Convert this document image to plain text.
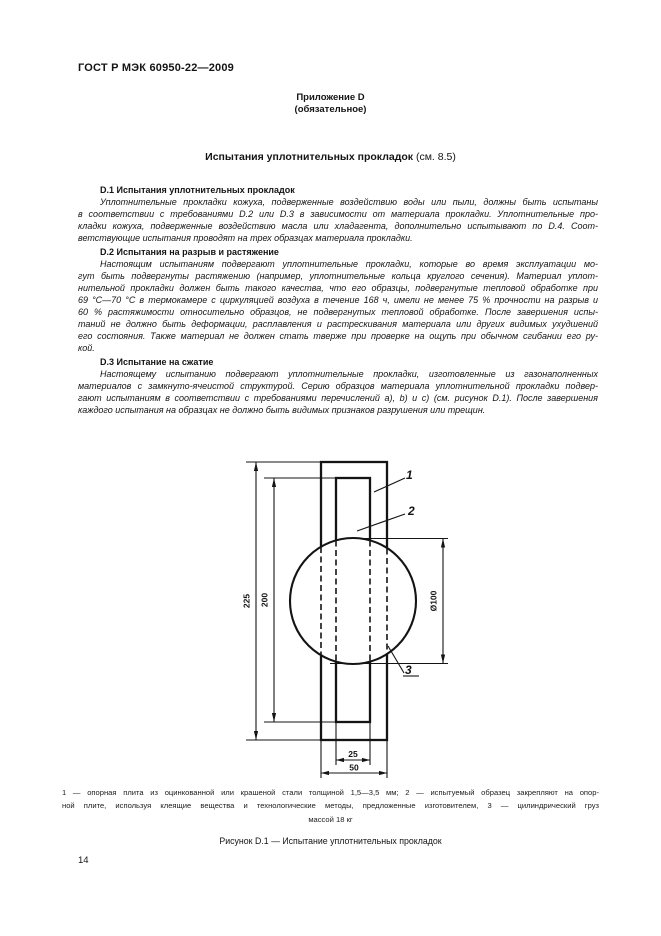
ГОСТ Р МЭК 60950-22—2009
Приложение D
(обязательное)
Испытания уплотнительных прокладок (см. 8.5)
D.1 Испытания уплотнительных прокладок
Уплотнительные прокладки кожуха, подверженные воздействию воды или пыли, должны быть испытаны
в соответствии с требованиями D.2 или D.3 в зависимости от материала прокладки. Уплотнительные про-
кладки кожуха, подверженные воздействию масла или хладагента, дополнительно испытывают по D.4. Соот-
ветствующие испытания проводят на трех образцах материала прокладки.
D.2 Испытания на разрыв и растяжение
Настоящим испытаниям подвергают уплотнительные прокладки, которые во время эксплуатации мо-
гут быть подвергнуты растяжению (например, уплотнительные кольца круглого сечения). Материал уплот-
нительной прокладки должен быть такого качества, что его образцы, подвергнутые тепловой обработке при
69 °С—70 °С в термокамере с циркуляцией воздуха в течение 168 ч, имели не менее 75 % прочности на разрыв и
60 % растяжимости относительно образцов, не подвергнутых тепловой обработке. После завершения испы-
таний не должно быть деформации, расплавления и растрескивания материала или других видимых ухудшений
его состояния. Также материал не должен стать тверже при проверке на ощупь при обычном сгибании его ру-
кой.
D.3 Испытание на сжатие
Настоящему испытанию подвергают уплотнительные прокладки, изготовленные из газонаполненных
материалов с замкнуто-ячеистой структурой. Серию образцов материала уплотнительной прокладки подвер-
гают испытаниям в соответствии с требованиями перечислений a), b) и c) (см. рисунок D.1). После завершения
каждого испытания на образцах не должно быть видимых признаков разрушения или трещин.
225 200	Ø100
25
50
1
2
3
1 — опорная плита из оцинкованной или крашеной стали толщиной 1,5—3,5 мм; 2 — испытуемый образец закрепляют на опор-
ной плите, используя клеящие вещества и технологические методы, предложенные изготовителем, 3 — цилиндрический груз
массой 18 кг
Рисунок D.1 — Испытание уплотнительных прокладок
14
